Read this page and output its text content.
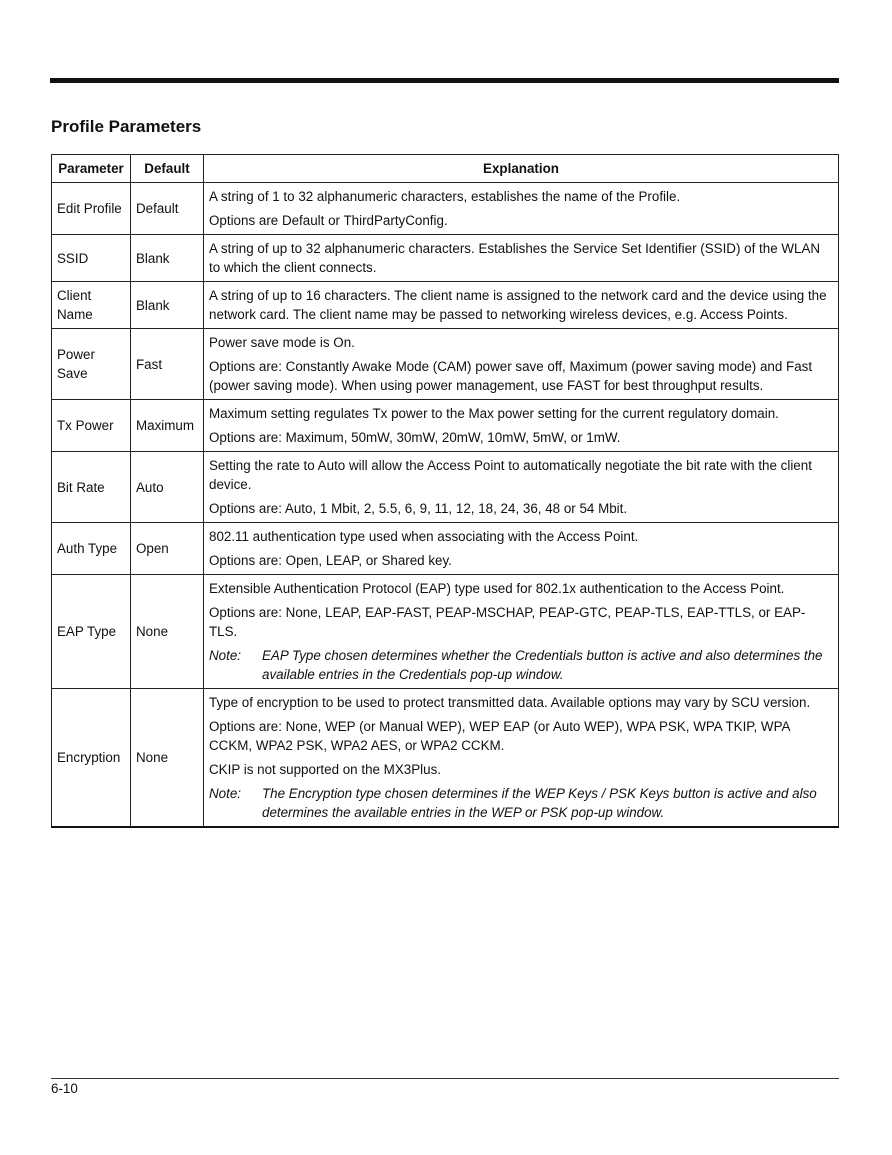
Profile Parameters
Parameter	Default	Explanation
Edit Profile	Default	A string of 1 to 32 alphanumeric characters, establishes the name of the Profile.

Options are Default or ThirdPartyConfig.

SSID	Blank	A string of up to 32 alphanumeric characters. Establishes the Service Set Identifier (SSID) of the WLAN to which the client connects.

Client Name	Blank	A string of up to 16 characters. The client name is assigned to the network card and the device using the network card. The client name may be passed to networking wireless devices, e.g. Access Points.

Power Save	Fast	Power save mode is On.

Options are: Constantly Awake Mode (CAM) power save off, Maximum (power saving mode) and Fast (power saving mode). When using power management, use FAST for best throughput results.

Tx Power	Maximum	Maximum setting regulates Tx power to the Max power setting for the current regulatory domain.

Options are: Maximum, 50mW, 30mW, 20mW, 10mW, 5mW, or 1mW.

Bit Rate	Auto	Setting the rate to Auto will allow the Access Point to automatically negotiate the bit rate with the client device.

Options are: Auto, 1 Mbit, 2, 5.5, 6, 9, 11, 12, 18, 24, 36, 48 or 54 Mbit.

Auth Type	Open	802.11 authentication type used when associating with the Access Point.

Options are: Open, LEAP, or Shared key.

EAP Type	None	Extensible Authentication Protocol (EAP) type used for 802.1x authentication to the Access Point.

Options are: None, LEAP, EAP-FAST, PEAP-MSCHAP, PEAP-GTC, PEAP-TLS, EAP-TTLS, or EAP-TLS.

Note: EAP Type chosen determines whether the Credentials button is active and also determines the available entries in the Credentials pop-up window.

Encryption	None	Type of encryption to be used to protect transmitted data. Available options may vary by SCU version.

Options are: None, WEP (or Manual WEP), WEP EAP (or Auto WEP), WPA PSK, WPA TKIP, WPA CCKM, WPA2 PSK, WPA2 AES, or WPA2 CCKM.

CKIP is not supported on the MX3Plus.

Note: The Encryption type chosen determines if the WEP Keys / PSK Keys button is active and also determines the available entries in the WEP or PSK pop-up window.

6-10
